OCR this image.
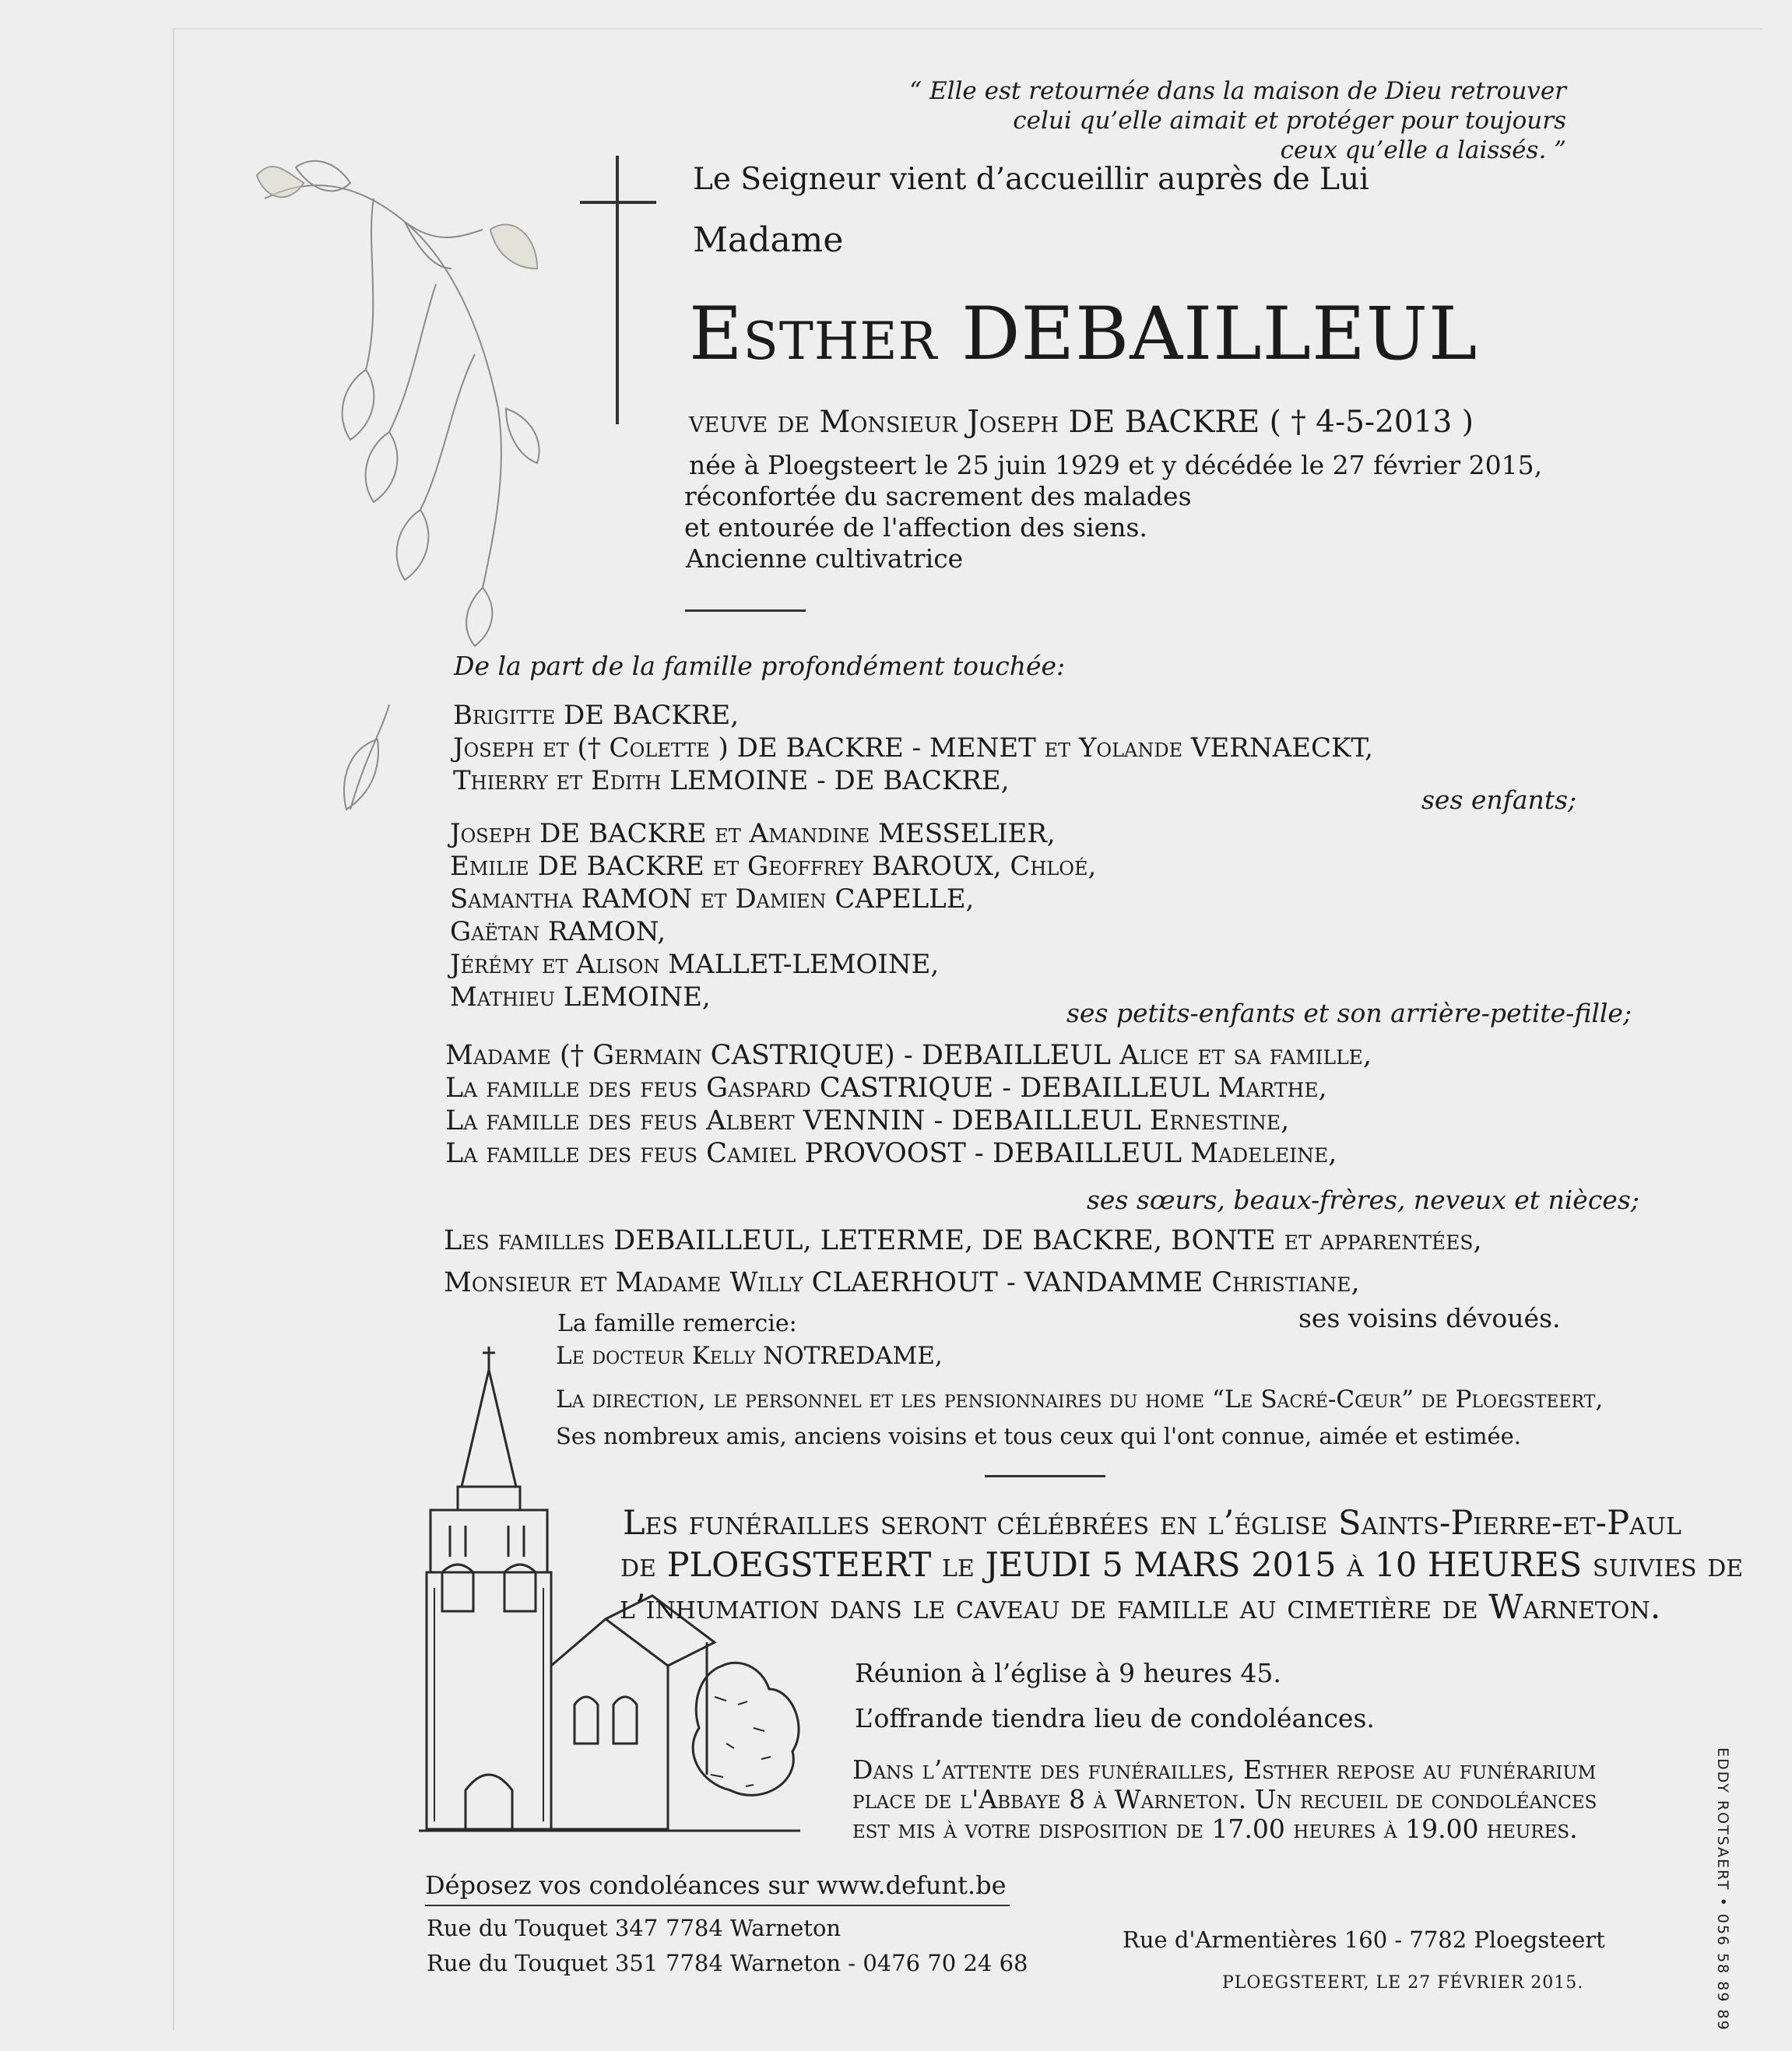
“ Elle est retournée dans la maison de Dieu retrouver
celui qu’elle aimait et protéger pour toujours
ceux qu’elle a laissés. ”
Le Seigneur vient d’accueillir auprès de Lui
Madame
Esther DEBAILLEUL
veuve de Monsieur Joseph DE BACKRE ( † 4-5-2013 )
née à Ploegsteert le 25 juin 1929 et y décédée le 27 février 2015,
réconfortée du sacrement des malades
et entourée de l'affection des siens.
Ancienne cultivatrice
De la part de la famille profondément touchée:
Brigitte DE BACKRE,
Joseph et († Colette ) DE BACKRE - MENET et Yolande VERNAECKT,
Thierry et Edith LEMOINE - DE BACKRE,
ses enfants;
Joseph DE BACKRE et Amandine MESSELIER,
Emilie DE BACKRE et Geoffrey BAROUX, Chloé,
Samantha RAMON et Damien CAPELLE,
Gaëtan RAMON,
Jérémy et Alison MALLET-LEMOINE,
Mathieu LEMOINE,
ses petits-enfants et son arrière-petite-fille;
Madame († Germain CASTRIQUE) - DEBAILLEUL Alice et sa famille,
La famille des feus Gaspard CASTRIQUE - DEBAILLEUL Marthe,
La famille des feus Albert VENNIN - DEBAILLEUL Ernestine,
La famille des feus Camiel PROVOOST - DEBAILLEUL Madeleine,
ses sœurs, beaux-frères, neveux et nièces;
Les familles DEBAILLEUL, LETERME, DE BACKRE, BONTE et apparentées,
Monsieur et Madame Willy CLAERHOUT - VANDAMME Christiane,
ses voisins dévoués.
La famille remercie:
Le docteur Kelly NOTREDAME,
La direction, le personnel et les pensionnaires du home “Le Sacré-Cœur” de Ploegsteert,
Ses nombreux amis, anciens voisins et tous ceux qui l'ont connue, aimée et estimée.
Les funérailles seront célébrées en l’église Saints-Pierre-et-Paul
de PLOEGSTEERT le JEUDI 5 MARS 2015 à 10 HEURES suivies de
l’inhumation dans le caveau de famille au cimetière de Warneton.
Réunion à l’église à 9 heures 45.
L’offrande tiendra lieu de condoléances.
Dans l’attente des funérailles, Esther repose au funérarium
place de l'Abbaye 8 à Warneton. Un recueil de condoléances
est mis à votre disposition de 17.00 heures à 19.00 heures.
Déposez vos condoléances sur www.defunt.be
Rue du Touquet 347 7784 Warneton
Rue du Touquet 351 7784 Warneton - 0476 70 24 68
Rue d'Armentières 160 - 7782 Ploegsteert
PLOEGSTEERT, LE 27 FÉVRIER 2015.	EDDY ROTSAERT • 056 58 89 89
